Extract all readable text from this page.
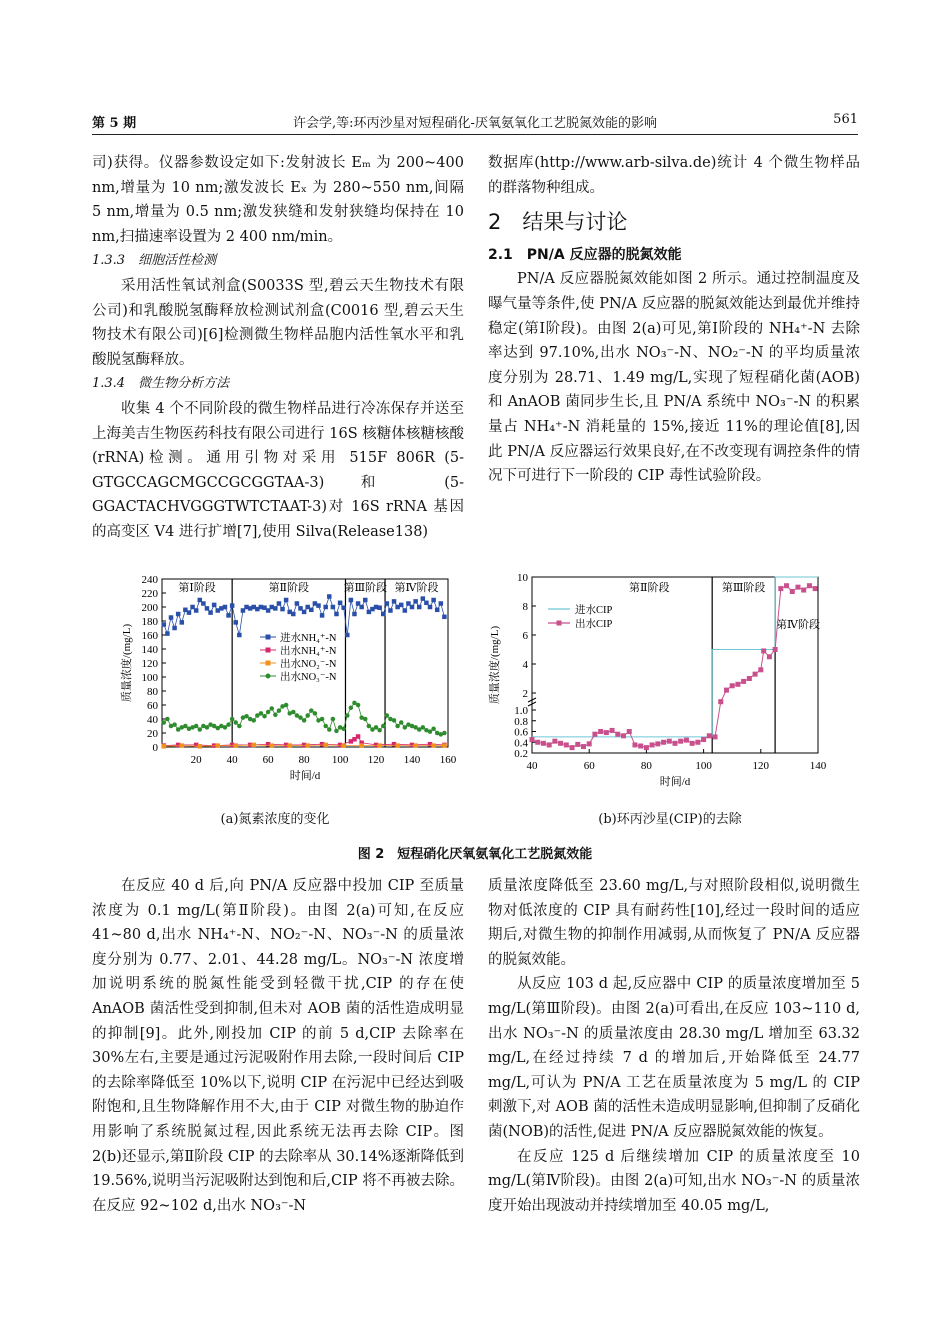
第 5 期	许会学,等:环丙沙星对短程硝化-厌氧氨氧化工艺脱氮效能的影响	561

司)获得。仪器参数设定如下:发射波长 Eₘ 为 200~400 nm,增量为 10 nm;激发波长 Eₓ 为 280~550 nm,间隔 5 nm,增量为 0.5 nm;激发狭缝和发射狭缝均保持在 10 nm,扫描速率设置为 2 400 nm/min。

1.3.3　细胞活性检测

采用活性氧试剂盒(S0033S 型,碧云天生物技术有限公司)和乳酸脱氢酶释放检测试剂盒(C0016 型,碧云天生物技术有限公司)[6]检测微生物样品胞内活性氧水平和乳酸脱氢酶释放。

1.3.4　微生物分析方法

收集 4 个不同阶段的微生物样品进行冷冻保存并送至上海美吉生物医药科技有限公司进行 16S 核糖体核糖核酸(rRNA)检测。通用引物对采用 515F 806R (5-GTGCCAGCMGCCGCGGTAA-3) 和 (5-GGACTACHVGGGTWTCTAAT-3)对 16S rRNA 基因的高变区 V4 进行扩增[7],使用 Silva(Release138)

数据库(http://www.arb-silva.de)统计 4 个微生物样品的群落物种组成。

2　结果与讨论

2.1　PN/A 反应器的脱氮效能

PN/A 反应器脱氮效能如图 2 所示。通过控制温度及曝气量等条件,使 PN/A 反应器的脱氮效能达到最优并维持稳定(第Ⅰ阶段)。由图 2(a)可见,第Ⅰ阶段的 NH₄⁺-N 去除率达到 97.10%,出水 NO₃⁻-N、NO₂⁻-N 的平均质量浓度分别为 28.71、1.49 mg/L,实现了短程硝化菌(AOB)和 AnAOB 菌同步生长,且 PN/A 系统中 NO₃⁻-N 的积累量占 NH₄⁺-N 消耗量的 15%,接近 11%的理论值[8],因此 PN/A 反应器运行效果良好,在不改变现有调控条件的情况下可进行下一阶段的 CIP 毒性试验阶段。

0
20
40
60
80
100
120
140
160
180
200
220
240
20 40 60 80 100 120 140 160
时间/d
质量浓度/(mg/L)
第Ⅰ阶段	第Ⅱ阶段	第Ⅲ阶段 第Ⅳ阶段
进水NH₄⁺-N
出水NH₄⁺-N
出水NO₂⁻-N
出水NO₃⁻-N
0.2
0.4
0.6
0.8
1.0
2
4
6
8
10
40	60	80	100	120	140
时间/d
质量浓度/(mg/L)
第Ⅱ阶段	第Ⅲ阶段
第Ⅳ阶段
进水CIP
出水CIP
(a)氮素浓度的变化	(b)环丙沙星(CIP)的去除
图 2　短程硝化厌氧氨氧化工艺脱氮效能

在反应 40 d 后,向 PN/A 反应器中投加 CIP 至质量浓度为 0.1 mg/L(第Ⅱ阶段)。由图 2(a)可知,在反应 41~80 d,出水 NH₄⁺-N、NO₂⁻-N、NO₃⁻-N 的质量浓度分别为 0.77、2.01、44.28 mg/L。NO₃⁻-N 浓度增加说明系统的脱氮性能受到轻微干扰,CIP 的存在使 AnAOB 菌活性受到抑制,但未对 AOB 菌的活性造成明显的抑制[9]。此外,刚投加 CIP 的前 5 d,CIP 去除率在 30%左右,主要是通过污泥吸附作用去除,一段时间后 CIP 的去除率降低至 10%以下,说明 CIP 在污泥中已经达到吸附饱和,且生物降解作用不大,由于 CIP 对微生物的胁迫作用影响了系统脱氮过程,因此系统无法再去除 CIP。图 2(b)还显示,第Ⅱ阶段 CIP 的去除率从 30.14%逐渐降低到 19.56%,说明当污泥吸附达到饱和后,CIP 将不再被去除。在反应 92~102 d,出水 NO₃⁻-N

质量浓度降低至 23.60 mg/L,与对照阶段相似,说明微生物对低浓度的 CIP 具有耐药性[10],经过一段时间的适应期后,对微生物的抑制作用减弱,从而恢复了 PN/A 反应器的脱氮效能。

从反应 103 d 起,反应器中 CIP 的质量浓度增加至 5 mg/L(第Ⅲ阶段)。由图 2(a)可看出,在反应 103~110 d,出水 NO₃⁻-N 的质量浓度由 28.30 mg/L 增加至 63.32 mg/L,在经过持续 7 d 的增加后,开始降低至 24.77 mg/L,可认为 PN/A 工艺在质量浓度为 5 mg/L 的 CIP 刺激下,对 AOB 菌的活性未造成明显影响,但抑制了反硝化菌(NOB)的活性,促进 PN/A 反应器脱氮效能的恢复。

在反应 125 d 后继续增加 CIP 的质量浓度至 10 mg/L(第Ⅳ阶段)。由图 2(a)可知,出水 NO₃⁻-N 的质量浓度开始出现波动并持续增加至 40.05 mg/L,
